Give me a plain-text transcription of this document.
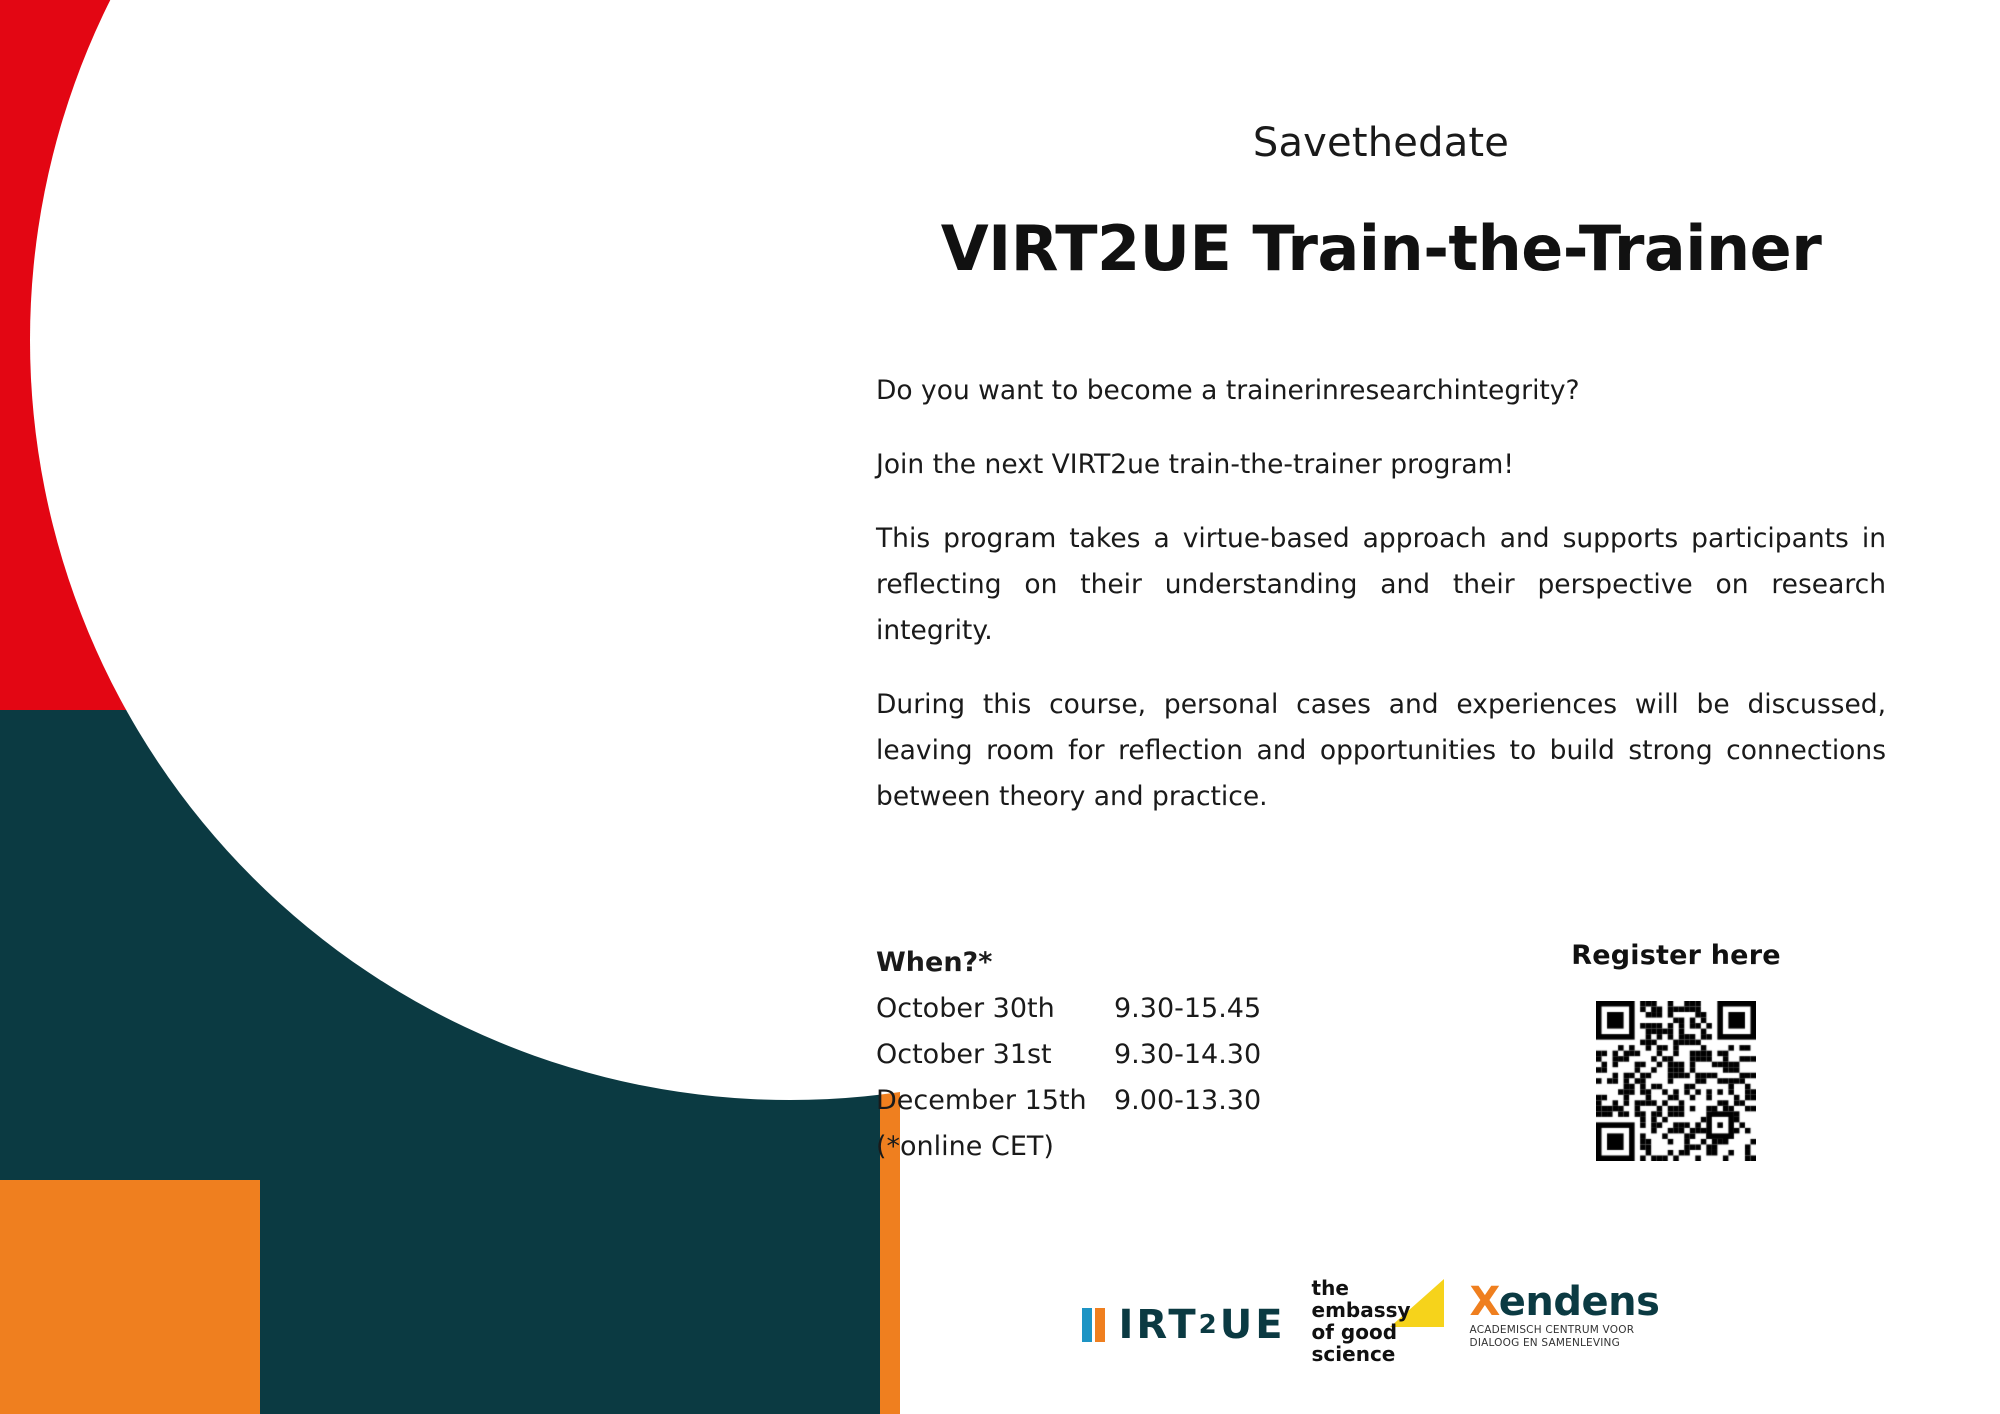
Savethedate
VIRT2UE Train-the-Trainer

Do you want to become a trainerinresearchintegrity?

Join the next VIRT2ue train-the-trainer program!

This program takes a virtue-based approach and supports participants in reflecting on their understanding and their perspective on research integrity.

During this course, personal cases and experiences will be discussed, leaving room for reflection and opportunities to build strong connections between theory and practice.

When?*
October 30th	9.30-15.45
October 31st	9.30-14.30
December 15th	9.00-13.30
(*online CET)
Register here
IRT 2 UE
the
embassy
of good
science
Xendens
ACADEMISCH CENTRUM VOOR
DIALOOG EN SAMENLEVING
